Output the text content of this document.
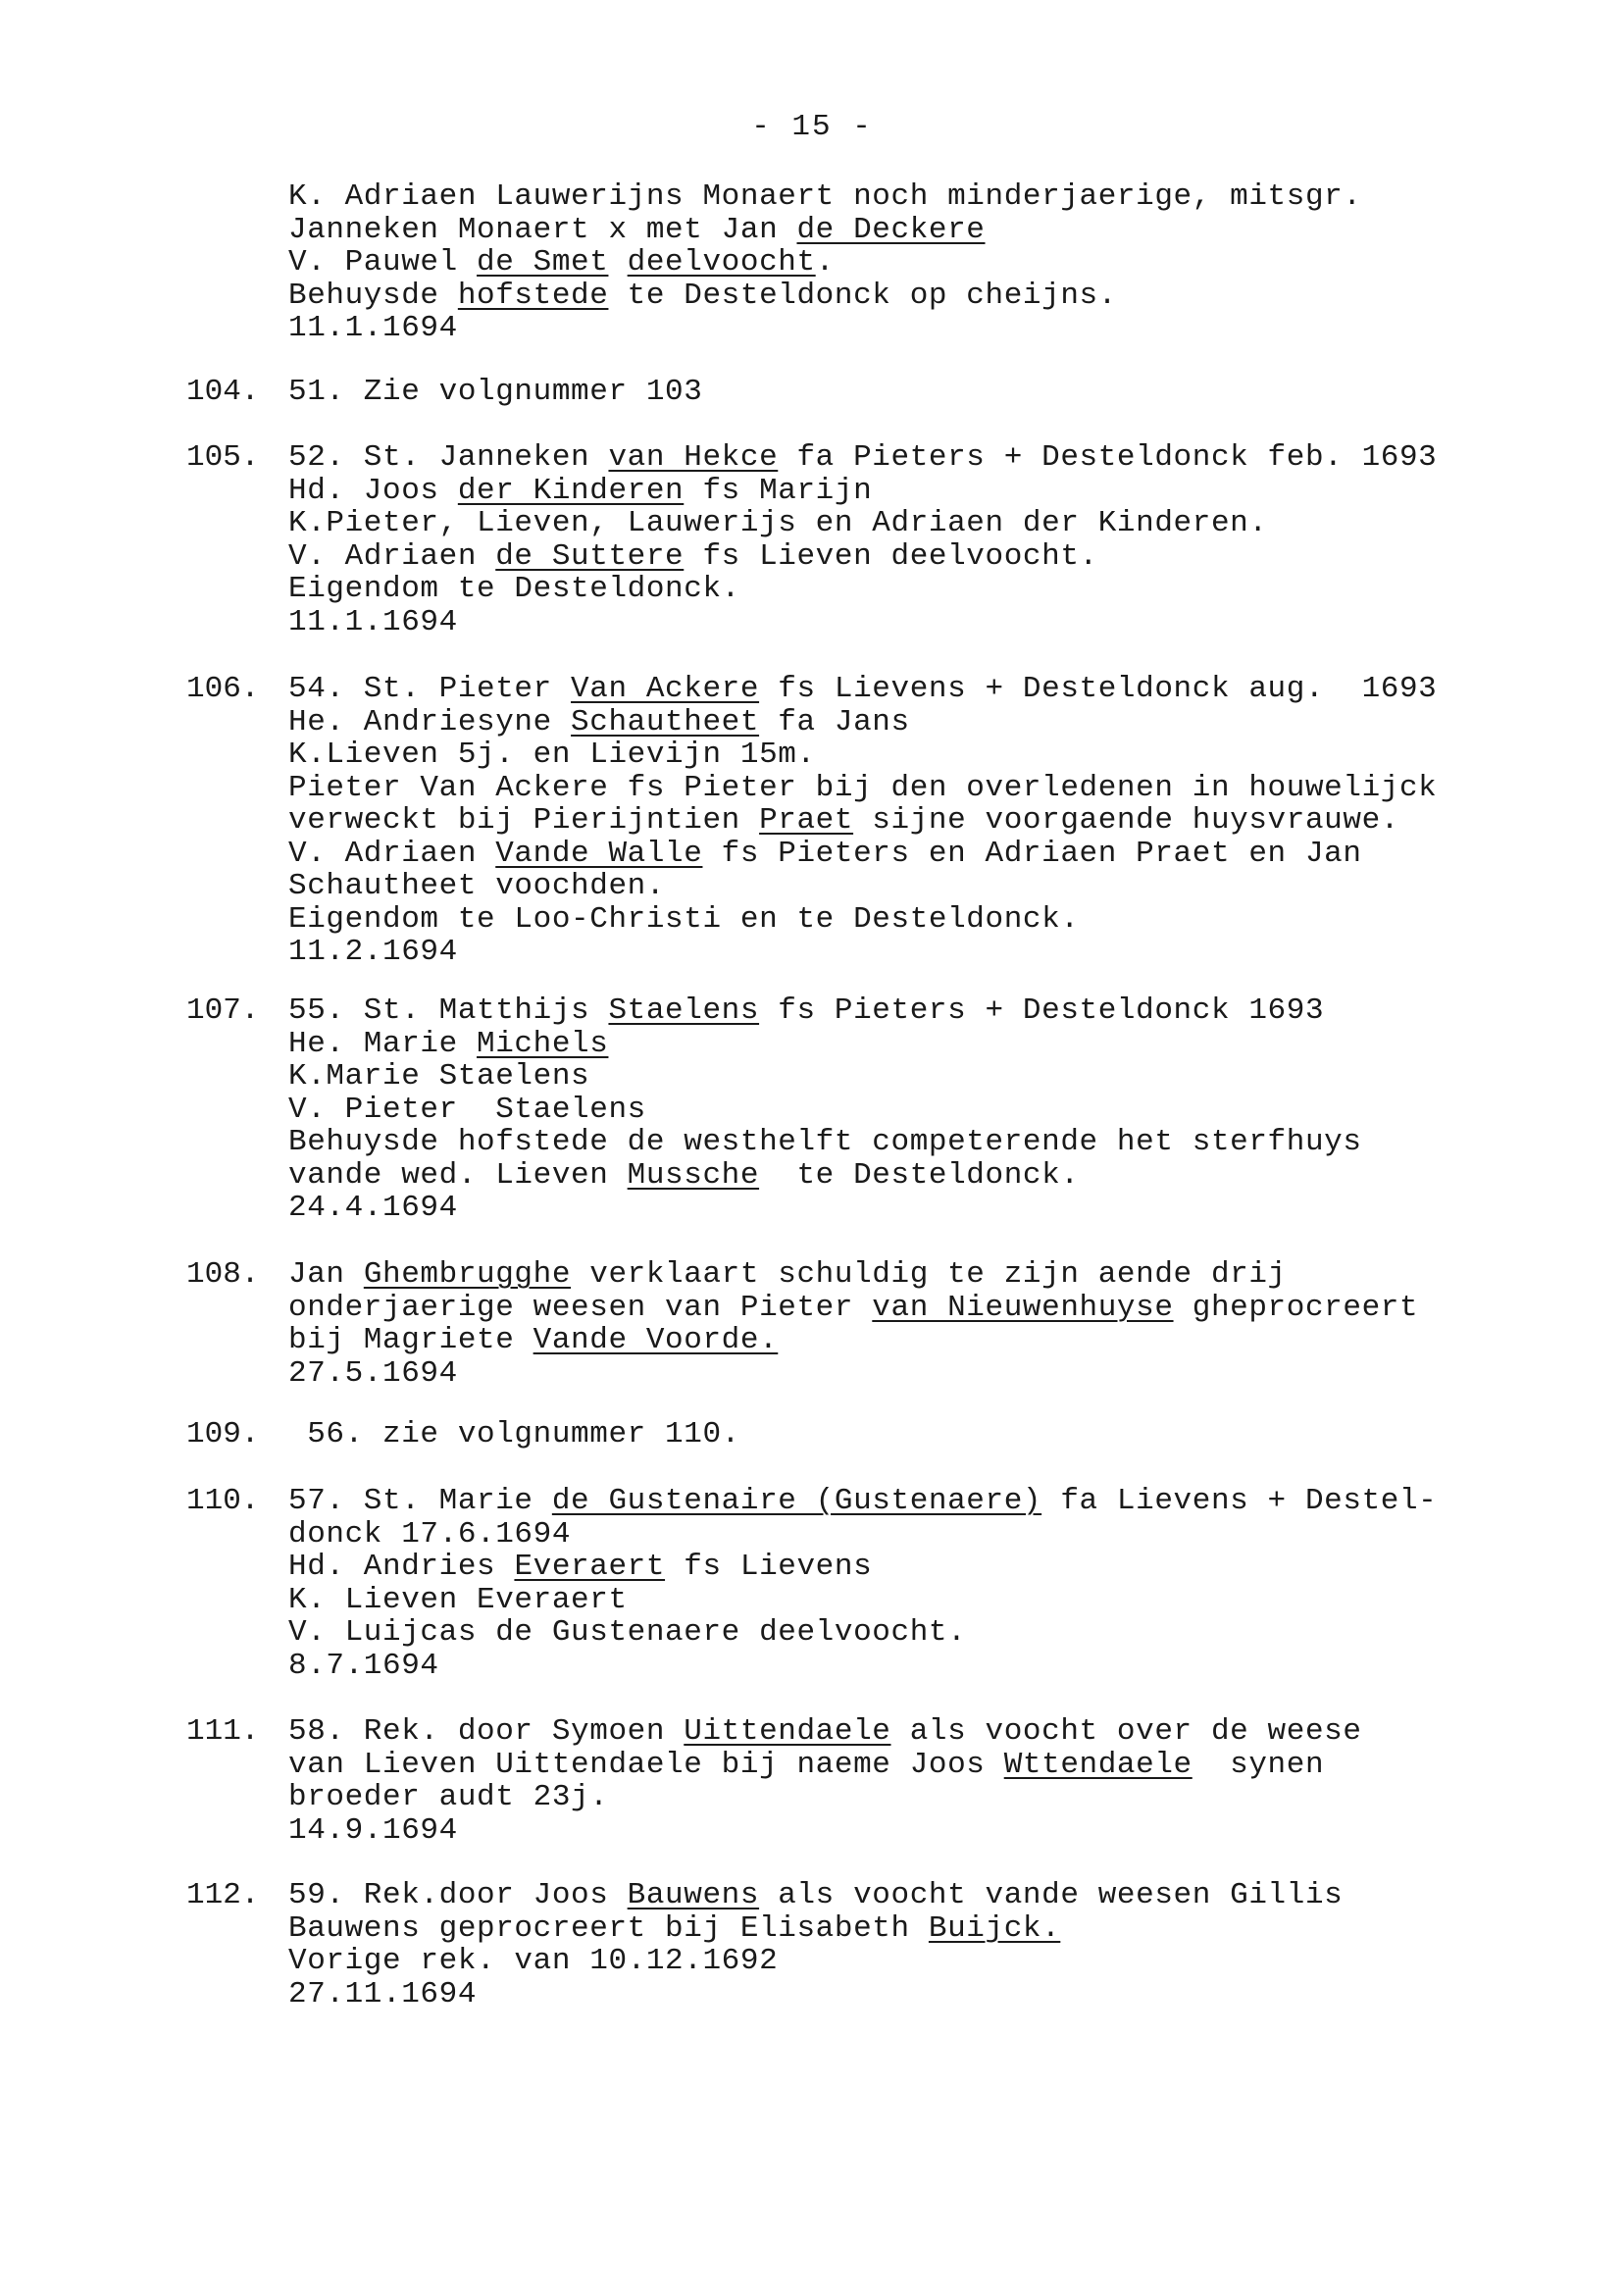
- 15 -
K. Adriaen Lauwerijns Monaert noch minderjaerige, mitsgr.
Janneken Monaert x met Jan de Deckere
V. Pauwel de Smet deelvoocht.
Behuysde hofstede te Desteldonck op cheijns.
11.1.1694
104. 51. Zie volgnummer 103
105. 52. St. Janneken van Hekce fa Pieters + Desteldonck feb. 1693
Hd. Joos der Kinderen fs Marijn
K.Pieter, Lieven, Lauwerijs en Adriaen der Kinderen.
V. Adriaen de Suttere fs Lieven deelvoocht.
Eigendom te Desteldonck.
11.1.1694
106. 54. St. Pieter Van Ackere fs Lievens + Desteldonck aug.  1693
He. Andriesyne Schautheet fa Jans
K.Lieven 5j. en Lievijn 15m.
Pieter Van Ackere fs Pieter bij den overledenen in houwelijck
verweckt bij Pierijntien Praet sijne voorgaende huysvrauwe.
V. Adriaen Vande Walle fs Pieters en Adriaen Praet en Jan
Schautheet voochden.
Eigendom te Loo-Christi en te Desteldonck.
11.2.1694
107. 55. St. Matthijs Staelens fs Pieters + Desteldonck 1693
He. Marie Michels
K.Marie Staelens
V. Pieter  Staelens
Behuysde hofstede de westhelft competerende het sterfhuys
vande wed. Lieven Mussche  te Desteldonck.
24.4.1694
108. Jan Ghembrugghe verklaart schuldig te zijn aende drij
onderjaerige weesen van Pieter van Nieuwenhuyse gheprocreert
bij Magriete Vande Voorde.
27.5.1694
109. 56. zie volgnummer 110.
110. 57. St. Marie de Gustenaire (Gustenaere) fa Lievens + Destel-
donck 17.6.1694
Hd. Andries Everaert fs Lievens
K. Lieven Everaert
V. Luijcas de Gustenaere deelvoocht.
8.7.1694
111. 58. Rek. door Symoen Uittendaele als voocht over de weese
van Lieven Uittendaele bij naeme Joos Wttendaele  synen
broeder audt 23j.
14.9.1694
112. 59. Rek.door Joos Bauwens als voocht vande weesen Gillis
Bauwens geprocreert bij Elisabeth Buijck.
Vorige rek. van 10.12.1692
27.11.1694
